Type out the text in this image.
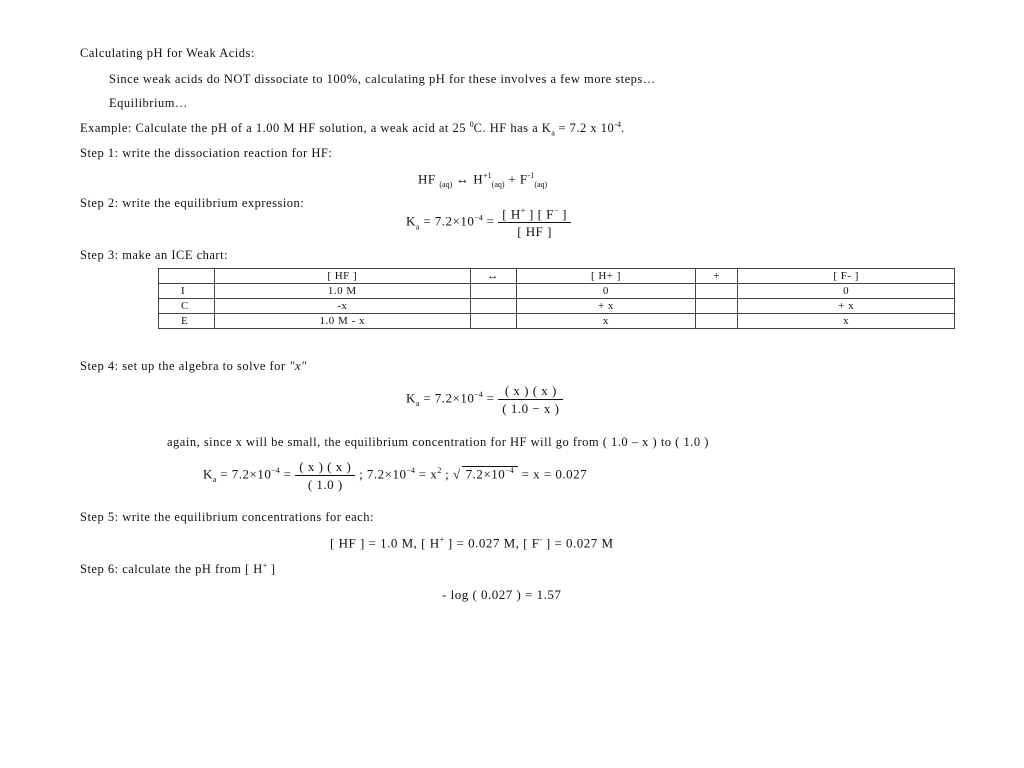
Calculating pH for Weak Acids:
Since weak acids do NOT dissociate to 100%, calculating pH for these involves a few more steps…
Equilibrium…
Example: Calculate the pH of a 1.00 M HF solution, a weak acid at 25 $^0$C. HF has a $K_a = 7.2$ x $10^{-4}$.
Step 1: write the dissociation reaction for HF:
HF $_{(aq)}$ ↔ $H^{+1}_{(aq)} + F^{-1}_{(aq)}$
Step 2: write the equilibrium expression:
$K_a = 7.2\times 10^{-4} = \frac{[ H^+ ] [ F^- ]}{[ HF ]}$
Step 3: make an ICE chart:
	[ HF ]	↔	[ H+ ]	+	[ F- ]
I	1.0 M		0		0
C	-x		+ x		+ x
E	1.0 M - x		x		x
Step 4: set up the algebra to solve for "x"
$K_a = 7.2\times 10^{-4} = \frac{( x ) ( x )}{( 1.0 - x )}$
again, since x will be small, the equilibrium concentration for HF will go from ( 1.0 – x ) to ( 1.0 )
$K_a = 7.2\times 10^{-4} = \frac{( x ) ( x )}{( 1.0 )}$ ; $7.2\times 10^{-4} = x^2$ ; √ $7.2\times 10^{-4} = x = 0.027$
Step 5: write the equilibrium concentrations for each:
[ HF ] = 1.0 M, [ H+ ] = 0.027 M, [ F- ] = 0.027 M
Step 6: calculate the pH from [ H+ ]
- log ( 0.027 ) = 1.57
